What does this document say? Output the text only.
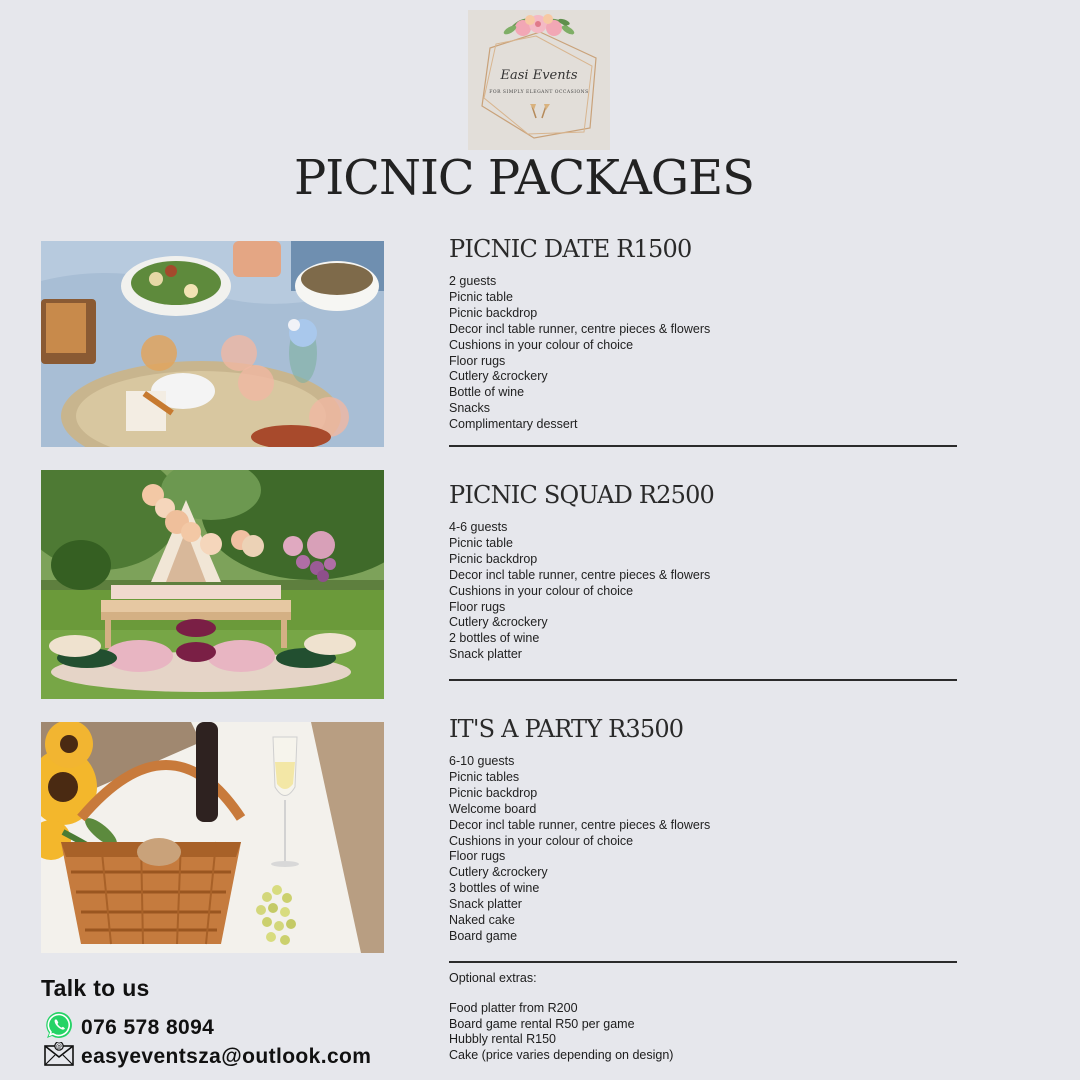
Easi Events
FOR SIMPLY ELEGANT OCCASIONS
PICNIC PACKAGES
PICNIC DATE R1500
2 guests
Picnic table
Picnic backdrop
Decor incl table runner, centre pieces & flowers
Cushions in your colour of choice
Floor rugs
Cutlery &crockery
Bottle of wine
Snacks
Complimentary dessert
PICNIC SQUAD R2500
4-6 guests
Picnic table
Picnic backdrop
Decor incl table runner, centre pieces & flowers
Cushions in your colour of choice
Floor rugs
Cutlery &crockery
2 bottles of wine
Snack platter
IT'S A PARTY R3500
6-10 guests
Picnic tables
Picnic backdrop
Welcome board
Decor incl table runner, centre pieces & flowers
Cushions in your colour of choice
Floor rugs
Cutlery &crockery
3 bottles of wine
Snack platter
Naked cake
Board game
Optional extras:
Food platter from R200
Board game rental R50 per game
Hubbly rental R150
Cake (price varies depending on design)
Talk to us
076 578 8094
@ easyeventsza@outlook.com
